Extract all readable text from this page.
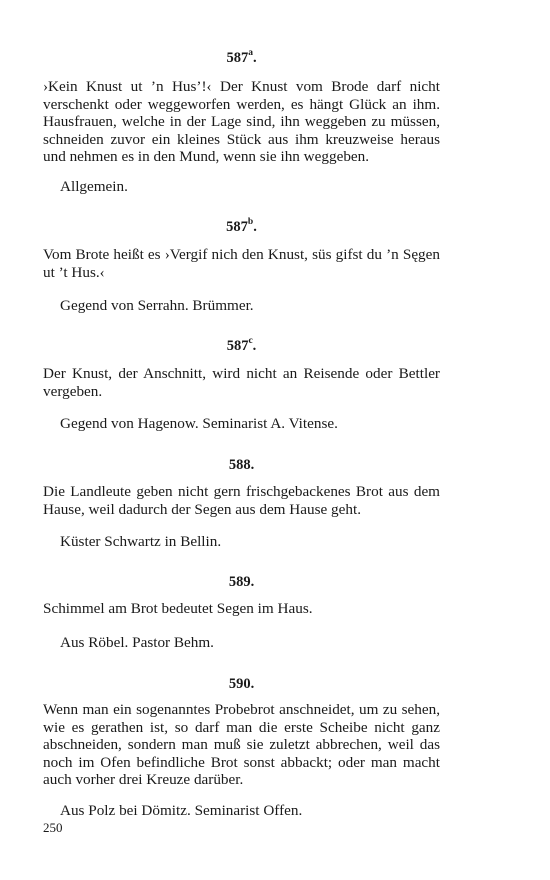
587$^a$.
›Kein Knust ut ’n Hus’!‹ Der Knust vom Brode darf nicht verschenkt oder weggeworfen werden, es hängt Glück an ihm. Hausfrauen, welche in der Lage sind, ihn weggeben zu müssen, schneiden zuvor ein kleines Stück aus ihm kreuzweise heraus und nehmen es in den Mund, wenn sie ihn weggeben.
Allgemein.
587$^b$.
Vom Brote heißt es ›Vergif nich den Knust, süs gifst du ’n Sęgen ut ’t Hus.‹
Gegend von Serrahn. Brümmer.
587$^c$.
Der Knust, der Anschnitt, wird nicht an Reisende oder Bettler vergeben.
Gegend von Hagenow. Seminarist A. Vitense.
588.
Die Landleute geben nicht gern frischgebackenes Brot aus dem Hause, weil dadurch der Segen aus dem Hause geht.
Küster Schwartz in Bellin.
589.
Schimmel am Brot bedeutet Segen im Haus.
Aus Röbel. Pastor Behm.
590.
Wenn man ein sogenanntes Probebrot anschneidet, um zu sehen, wie es gerathen ist, so darf man die erste Scheibe nicht ganz abschneiden, sondern man muß sie zuletzt abbrechen, weil das noch im Ofen befindliche Brot sonst abbackt; oder man macht auch vorher drei Kreuze darüber.
Aus Polz bei Dömitz. Seminarist Offen.
250
